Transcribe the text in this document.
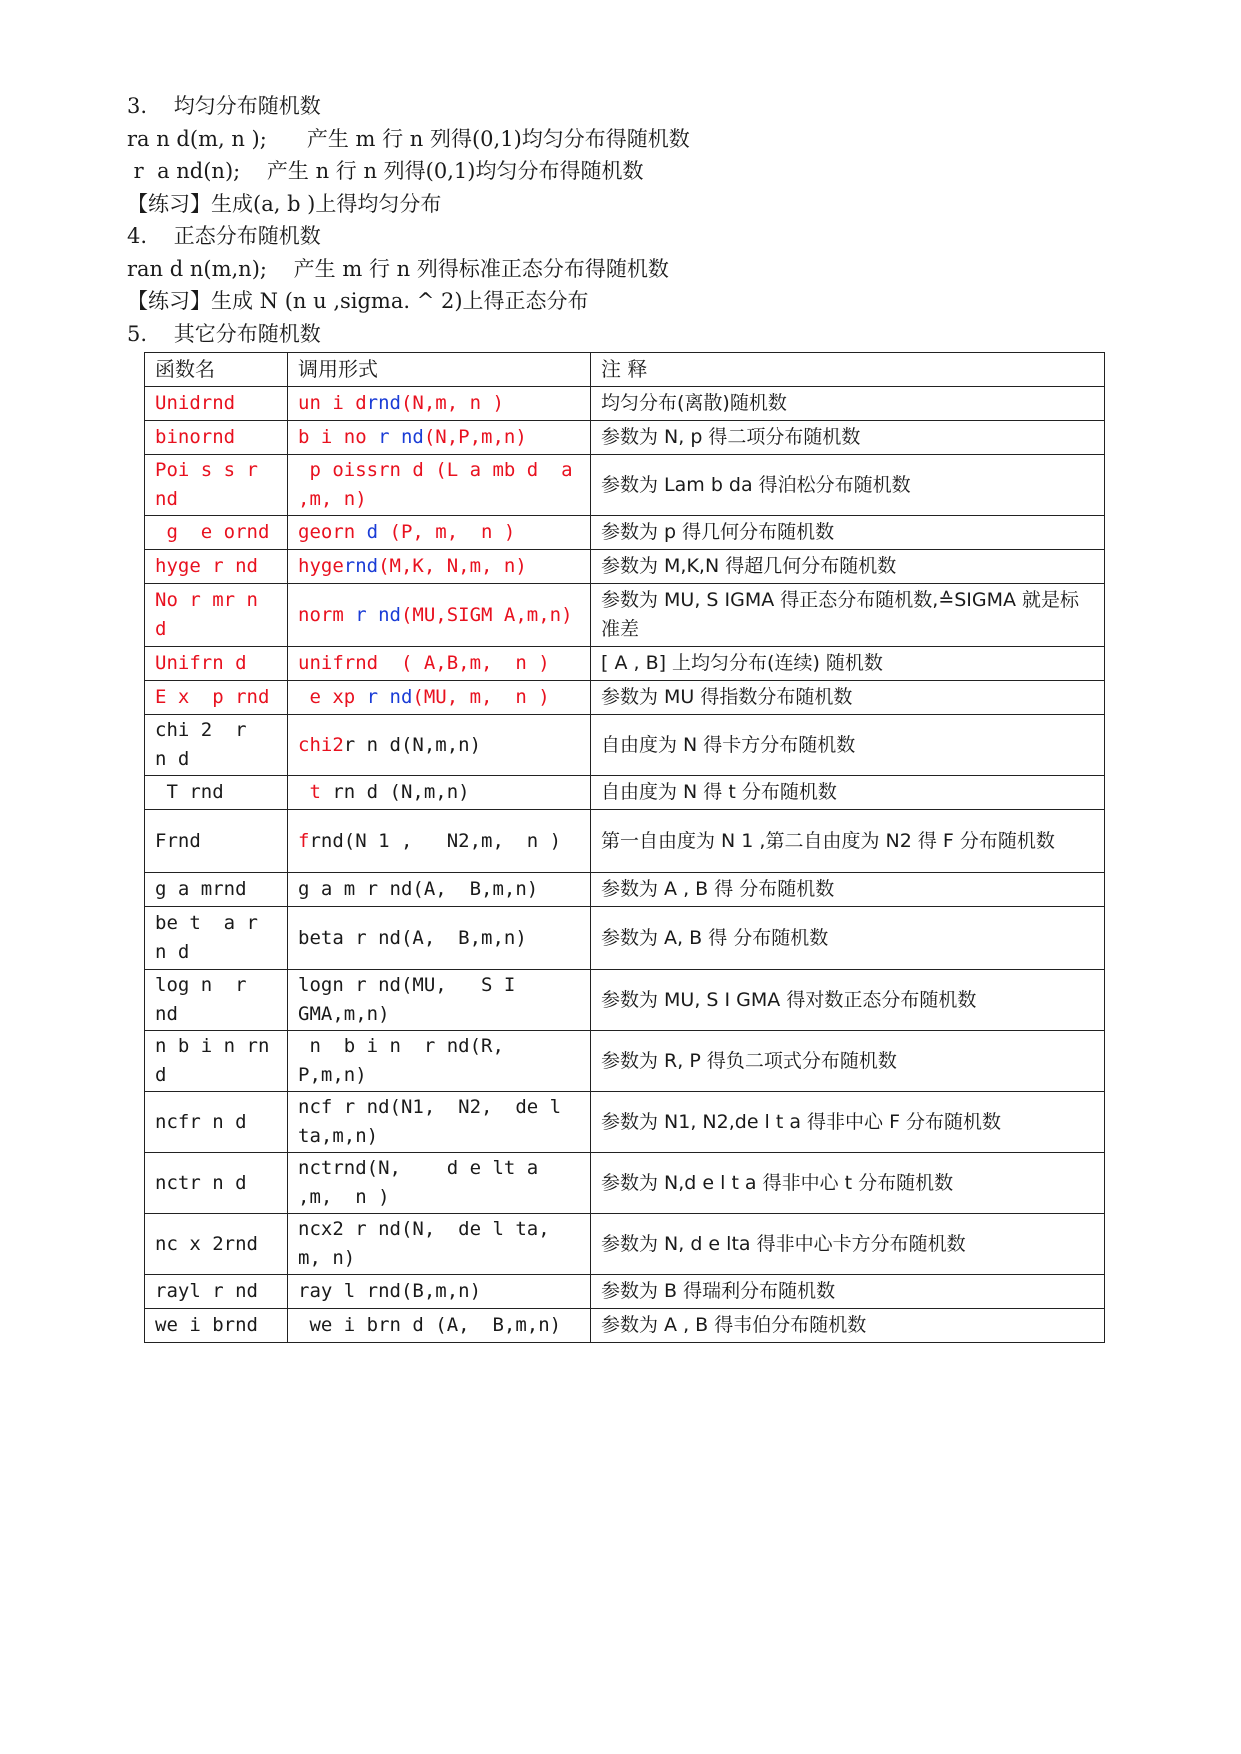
3.    均匀分布随机数
ra n d(m, n );      产生 m 行 n 列得(0,1)均匀分布得随机数
r  a nd(n);    产生 n 行 n 列得(0,1)均匀分布得随机数
【练习】生成(a, b )上得均匀分布
4.    正态分布随机数
ran d n(m,n);    产生 m 行 n 列得标准正态分布得随机数
【练习】生成 N (n u ,sigma. ^ 2)上得正态分布
5.    其它分布随机数
函数名	调用形式	注 释
Unidrnd	un i drnd(N,m, n )	均匀分布(离散)随机数
binornd	b i no r nd(N,P,m,n)	参数为 N, p 得二项分布随机数
Poi s s r nd	p oissrn d (L a mb d  a ,m, n)	参数为 Lam b da 得泊松分布随机数
g  e ornd	georn d (P, m,  n )	参数为 p 得几何分布随机数
hyge r nd	hygernd(M,K, N,m, n)	参数为 M,K,N 得超几何分布随机数
No r mr n d	norm r nd(MU,SIGM A,m,n)	参数为 MU, S IGMA 得正态分布随机数,≙SIGMA 就是标准差
Unifrn d	unifrnd  ( A,B,m,  n )	[ A , B] 上均匀分布(连续) 随机数
E x  p rnd	e xp r nd(MU, m,  n )	参数为 MU 得指数分布随机数
chi 2  r  n d	chi2r n d(N,m,n)	自由度为 N 得卡方分布随机数
T rnd	t rn d (N,m,n)	自由度为 N 得 t 分布随机数
Frnd	frnd(N 1 ,   N2,m,  n )	第一自由度为 N 1 ,第二自由度为 N2 得 F 分布随机数
g a mrnd	g a m r nd(A,  B,m,n)	参数为 A , B 得 分布随机数
be t  a r n d	beta r nd(A,  B,m,n)	参数为 A, B 得 分布随机数
log n  r nd	logn r nd(MU,   S I GMA,m,n)	参数为 MU, S I GMA 得对数正态分布随机数
n b i n rn d	n  b i n  r nd(R,  P,m,n)	参数为 R, P 得负二项式分布随机数
ncfr n d	ncf r nd(N1,  N2,  de l ta,m,n)	参数为 N1, N2,de l t a 得非中心 F 分布随机数
nctr n d	nctrnd(N,    d e lt a ,m,  n )	参数为 N,d e l t a 得非中心 t 分布随机数
nc x 2rnd	ncx2 r nd(N,  de l ta, m, n)	参数为 N, d e lta 得非中心卡方分布随机数
rayl r nd	ray l rnd(B,m,n)	参数为 B 得瑞利分布随机数
we i brnd	we i brn d (A,  B,m,n)	参数为 A , B 得韦伯分布随机数
